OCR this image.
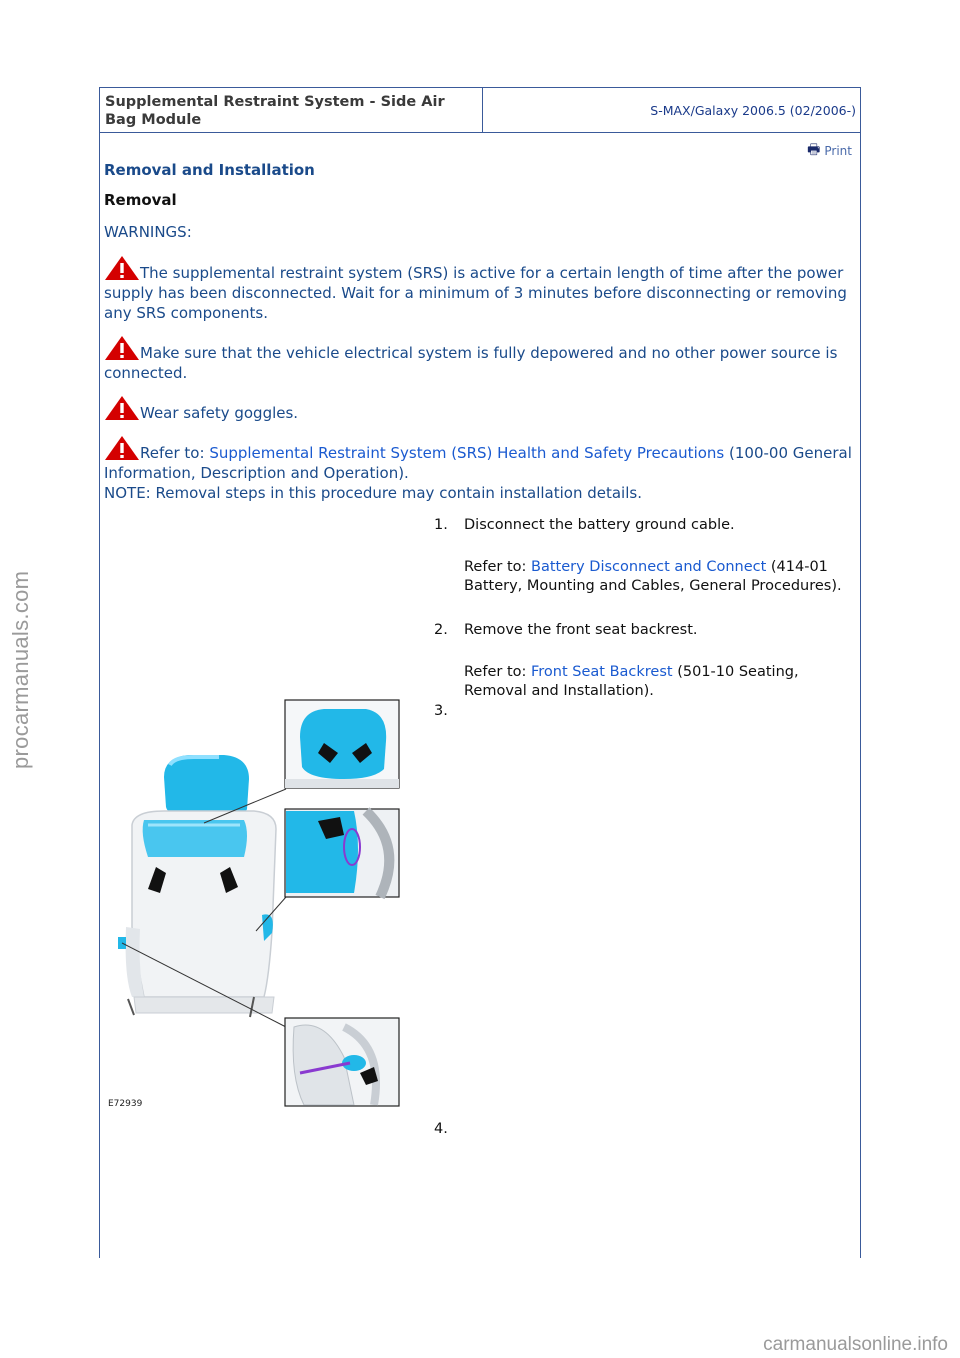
procarmanuals.com
carmanualsonline.info
Supplemental Restraint System - Side Air Bag Module
S-MAX/Galaxy 2006.5 (02/2006-)
🖶 Print
Removal and Installation
Removal
WARNINGS:
The supplemental restraint system (SRS) is active for a certain length of time after the power supply has been disconnected. Wait for a minimum of 3 minutes before disconnecting or removing any SRS components.
Make sure that the vehicle electrical system is fully depowered and no other power source is connected.
Wear safety goggles.
Refer to: Supplemental Restraint System (SRS) Health and Safety Precautions (100-00 General Information, Description and Operation).
NOTE: Removal steps in this procedure may contain installation details.
1. Disconnect the battery ground cable.
Refer to: Battery Disconnect and Connect (414-01 Battery, Mounting and Cables, General Procedures).
2. Remove the front seat backrest.
Refer to: Front Seat Backrest (501-10 Seating, Removal and Installation).
3.
4.
E72939
